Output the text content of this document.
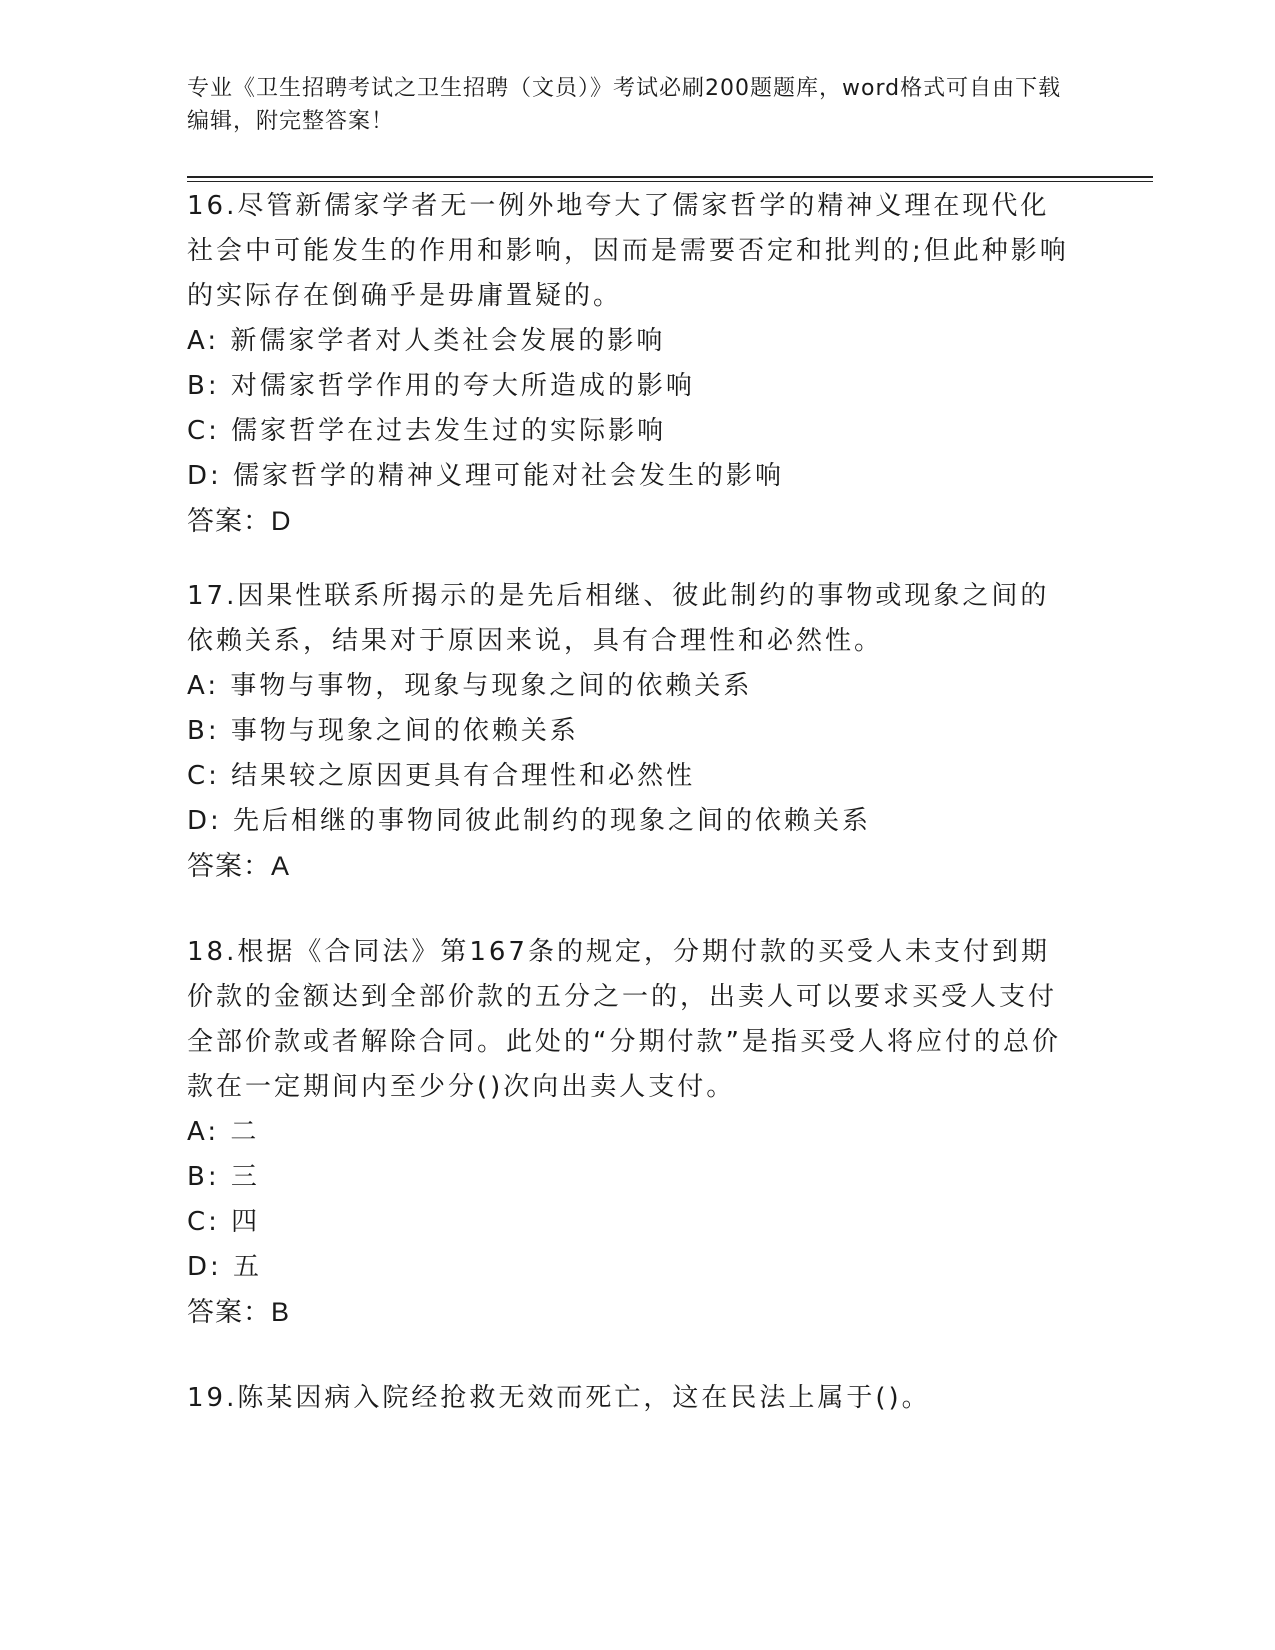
专业《卫生招聘考试之卫生招聘（文员）》考试必刷200题题库，word格式可自由下载编辑，附完整答案！

16.尽管新儒家学者无一例外地夸大了儒家哲学的精神义理在现代化社会中可能发生的作用和影响，因而是需要否定和批判的;但此种影响的实际存在倒确乎是毋庸置疑的。

A: 新儒家学者对人类社会发展的影响

B: 对儒家哲学作用的夸大所造成的影响

C: 儒家哲学在过去发生过的实际影响

D: 儒家哲学的精神义理可能对社会发生的影响

答案：D

17.因果性联系所揭示的是先后相继、彼此制约的事物或现象之间的依赖关系，结果对于原因来说，具有合理性和必然性。

A: 事物与事物，现象与现象之间的依赖关系

B: 事物与现象之间的依赖关系

C: 结果较之原因更具有合理性和必然性

D: 先后相继的事物同彼此制约的现象之间的依赖关系

答案：A

18.根据《合同法》第167条的规定，分期付款的买受人未支付到期价款的金额达到全部价款的五分之一的，出卖人可以要求买受人支付全部价款或者解除合同。此处的“分期付款”是指买受人将应付的总价款在一定期间内至少分()次向出卖人支付。

A: 二

B: 三

C: 四

D: 五

答案：B

19.陈某因病入院经抢救无效而死亡，这在民法上属于()。
